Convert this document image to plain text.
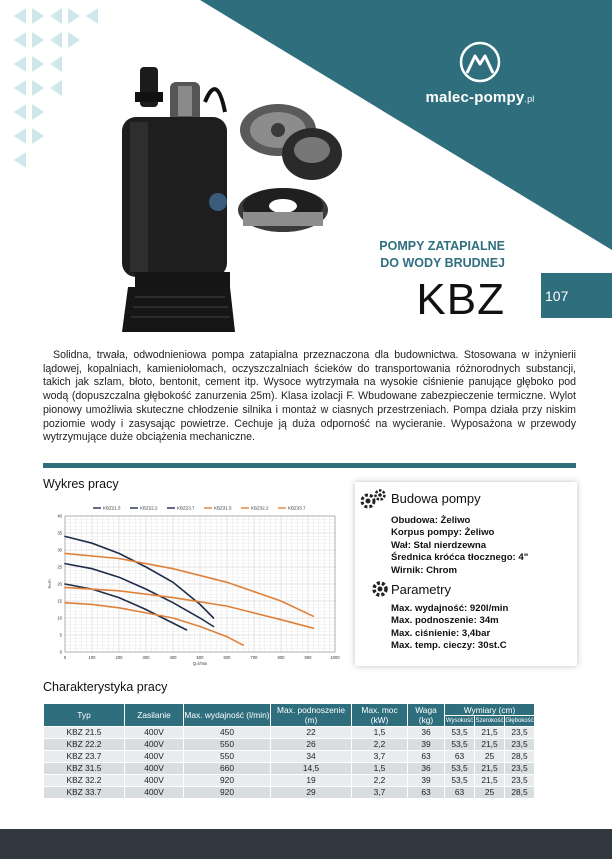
malec-pompy.pl
POMPY ZATAPIALNE
DO WODY BRUDNEJ
KBZ	107
Solidna, trwała, odwodnieniowa pompa zatapialna przeznaczona dla budownictwa. Stosowana w inżynierii lądowej, kopalniach, kamieniołomach, oczyszczalniach ścieków do transportowania różnorodnych substancji, takich jak szlam, błoto, bentonit, cement itp. Wysoce wytrzymała na wysokie ciśnienie panujące głęboko pod wodą (dopuszczalna głębokość zanurzenia 25m). Klasa izolacji F. Wbudowane zabezpieczenie termiczne. Wylot pionowy umożliwia skuteczne chłodzenie silnika i montaż w ciasnych przestrzeniach. Pompa działa przy niskim poziomie wody i zasysając powietrze. Cechuje ją duża odporność na wycieranie. Wyposażona w przewody wytrzymujące duże obciążenia mechaniczne.
Wykres pracy
0	100	200	300	400	500	600	700	800	900	1000
0
5
10
15
20
25
30
35
40
Q=l/min
H=m
KBZ21.5	KBZ22.2	KBZ23.7	KBZ31.5	KBZ32.2	KBZ33.7
Budowa pompy
Obudowa: Żeliwo
Korpus pompy: Żeliwo
Wał: Stal nierdzewna
Średnica króćca tłocznego: 4"
Wirnik: Chrom
Parametry
Max. wydajność: 920l/min
Max. podnoszenie: 34m
Max. ciśnienie: 3,4bar
Max. temp. cieczy: 30st.C
Charakterystyka pracy
Typ	Zasilanie	Max. wydajność (l/min)	Max. podnoszenie (m)	Max. moc (kW)	Waga (kg)	Wymiary (cm)		
						Wysokość	Szerokość	Głębokość
KBZ 21.5	400V	450	22	1,5	36	53,5	21,5	23,5
KBZ 22.2	400V	550	26	2,2	39	53,5	21,5	23,5
KBZ 23.7	400V	550	34	3,7	63	63	25	28,5
KBZ 31.5	400V	660	14,5	1,5	36	53,5	21,5	23,5
KBZ 32.2	400V	920	19	2,2	39	53,5	21,5	23,5
KBZ 33.7	400V	920	29	3,7	63	63	25	28,5
